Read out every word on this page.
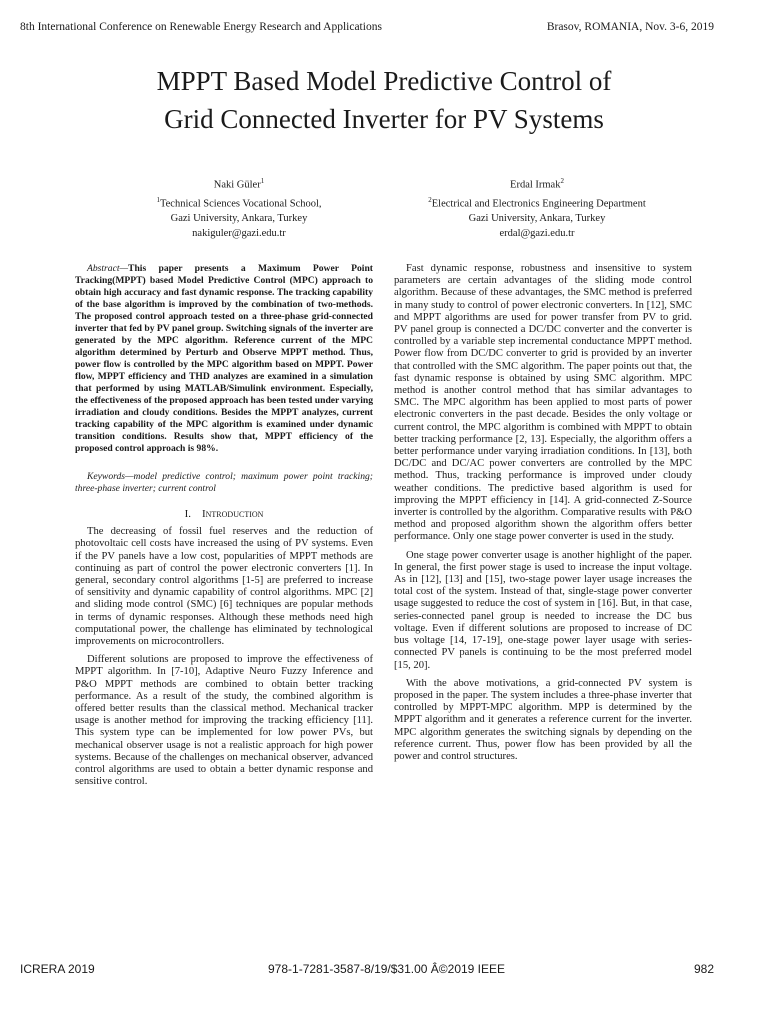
8th International Conference on Renewable Energy Research and Applications	Brasov, ROMANIA, Nov. 3-6, 2019
MPPT Based Model Predictive Control of
Grid Connected Inverter for PV Systems
Naki Güler$^1$
$^1$Technical Sciences Vocational School,
Gazi University, Ankara, Turkey
nakiguler@gazi.edu.tr
Erdal Irmak$^2$
$^2$Electrical and Electronics Engineering Department
Gazi University, Ankara, Turkey
erdal@gazi.edu.tr

Abstract—This paper presents a Maximum Power Point Tracking(MPPT) based Model Predictive Control (MPC) approach to obtain high accuracy and fast dynamic response. The tracking capability of the base algorithm is improved by the combination of two-methods. The proposed control approach tested on a three-phase grid-connected inverter that fed by PV panel group. Switching signals of the inverter are generated by the MPC algorithm. Reference current of the MPC algorithm determined by Perturb and Observe MPPT method. Thus, power flow is controlled by the MPC algorithm based on MPPT. Power flow, MPPT efficiency and THD analyzes are examined in a simulation that performed by using MATLAB/Simulink environment. Especially, the effectiveness of the proposed approach has been tested under varying irradiation and cloudy conditions. Besides the MPPT analyzes, current tracking capability of the MPC algorithm is examined under dynamic transition conditions. Results show that, MPPT efficiency of the proposed control approach is 98%.

Keywords—model predictive control; maximum power point tracking; three-phase inverter; current control

I. Introduction

The decreasing of fossil fuel reserves and the reduction of photovoltaic cell costs have increased the using of PV systems. Even if the PV panels have a low cost, popularities of MPPT methods are continuing as part of control the power electronic converters [1]. In general, secondary control algorithms [1-5] are preferred to increase of sensitivity and dynamic capability of control algorithms. MPC [2] and sliding mode control (SMC) [6] techniques are popular methods in terms of dynamic responses. Although these methods need high computational power, the challenge has eliminated by technological improvements on microcontrollers.

Different solutions are proposed to improve the effectiveness of MPPT algorithm. In [7-10], Adaptive Neuro Fuzzy Inference and P&O MPPT methods are combined to obtain better tracking performance. As a result of the study, the combined algorithm is offered better results than the classical method. Mechanical tracker usage is another method for improving the tracking efficiency [11]. This system type can be implemented for low power PVs, but mechanical observer usage is not a realistic approach for high power systems. Because of the challenges on mechanical observer, advanced control algorithms are used to obtain a better dynamic response and sensitive control.

Fast dynamic response, robustness and insensitive to system parameters are certain advantages of the sliding mode control algorithm. Because of these advantages, the SMC method is preferred in many study to control of power electronic converters. In [12], SMC and MPPT algorithms are used for power transfer from PV to grid. PV panel group is connected a DC/DC converter and the converter is controlled by a variable step incremental conductance MPPT method. Power flow from DC/DC converter to grid is provided by an inverter that controlled with the SMC algorithm. The paper points out that, the fast dynamic response is obtained by using SMC algorithm. MPC method is another control method that has similar advantages to SMC. The MPC algorithm has been applied to most parts of power electronic converters in the past decade. Besides the only voltage or current control, the MPC algorithm is combined with MPPT to obtain better tracking performance [2, 13]. Especially, the algorithm offers a better performance under varying irradiation conditions. In [13], both DC/DC and DC/AC power converters are controlled by the MPC method. Thus, tracking performance is improved under cloudy weather conditions. The predictive based algorithm is used for improving the MPPT efficiency in [14]. A grid-connected Z-Source inverter is controlled by the algorithm. Comparative results with P&O method and proposed algorithm shown the algorithm offers better performance. Only one stage power converter is used in the study.

One stage power converter usage is another highlight of the paper. In general, the first power stage is used to increase the input voltage. As in [12], [13] and [15], two-stage power layer usage increases the total cost of the system. Instead of that, single-stage power converter usage suggested to reduce the cost of system in [16]. But, in that case, series-connected panel group is needed to increase the DC bus voltage. Even if different solutions are proposed to increase of DC bus voltage [14, 17-19], one-stage power layer usage with series-connected PV panels is continuing to be the most preferred model [15, 20].

With the above motivations, a grid-connected PV system is proposed in the paper. The system includes a three-phase inverter that controlled by MPPT-MPC algorithm. MPP is determined by the MPPT algorithm and it generates a reference current for the inverter. MPC algorithm generates the switching signals by depending on the reference current. Thus, power flow has been provided by all the power and control structures.

ICRERA 2019	978-1-7281-3587-8/19/$31.00 Â©2019 IEEE	982
